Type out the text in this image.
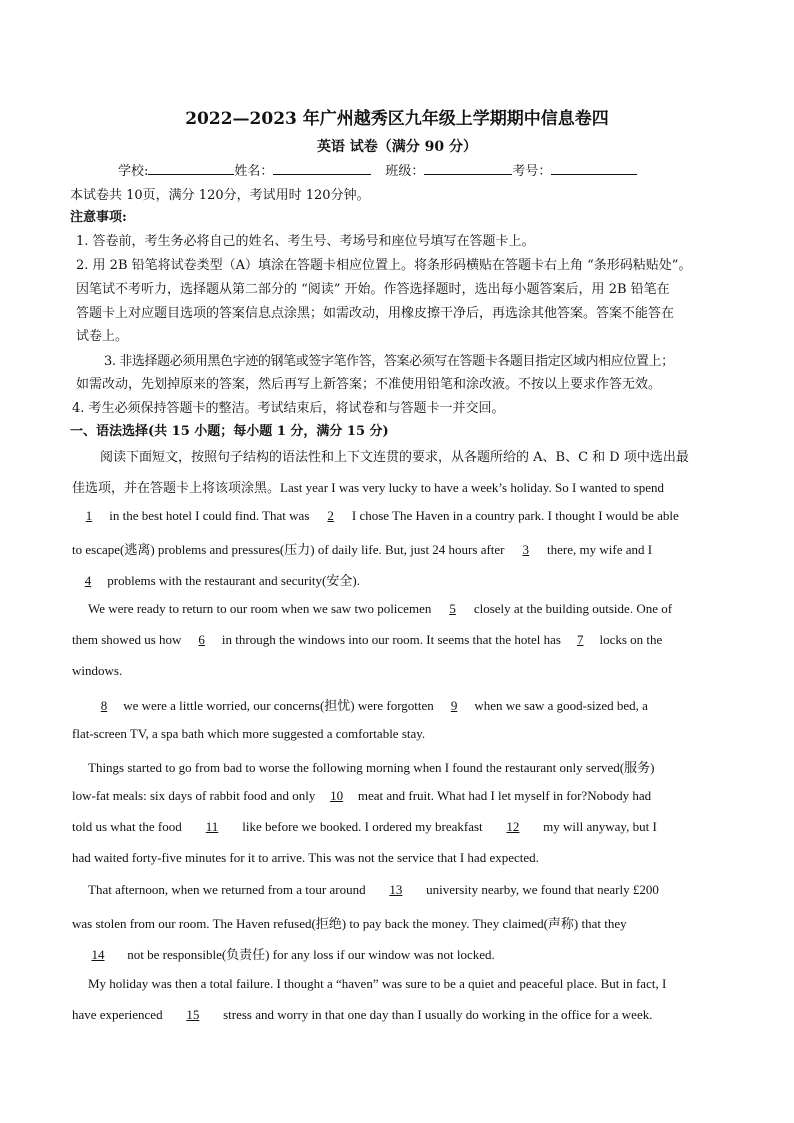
2022—2023 年广州越秀区九年级上学期期中信息卷四
英语 试卷（满分 90 分）
学校:	姓名：	班级：	考号：
本试卷共 10页，满分 120分，考试用时 120分钟。
注意事项:
1. 答卷前，考生务必将自己的姓名、考生号、考场号和座位号填写在答题卡上。
2. 用 2B 铅笔将试卷类型（A）填涂在答题卡相应位置上。将条形码横贴在答题卡右上角 “条形码粘贴处”。
因笔试不考听力，选择题从第二部分的 “阅读” 开始。作答选择题时，选出每小题答案后，用 2B 铅笔在
答题卡上对应题目选项的答案信息点涂黑；如需改动，用橡皮擦干净后，再选涂其他答案。答案不能答在
试卷上。
3. 非选择题必须用黑色字迹的钢笔或签字笔作答，答案必须写在答题卡各题目指定区域内相应位置上；
如需改动，先划掉原来的答案，然后再写上新答案；不准使用铅笔和涂改液。不按以上要求作答无效。
4. 考生必须保持答题卡的整洁。考试结束后，将试卷和与答题卡一并交回。
一、语法选择(共 15 小题；每小题 1 分，满分 15 分)
阅读下面短文，按照句子结构的语法性和上下文连贯的要求，从各题所给的 A、B、C 和 D 项中选出最
佳选项，并在答题卡上将该项涂黑。Last year I was very lucky to have a week’s holiday. So I wanted to spend
1 in the best hotel I could find. That was 2 I chose The Haven in a country park. I thought I would be able
to escape(逃离) problems and pressures(压力) of daily life. But, just 24 hours after 3 there, my wife and I
4 problems with the restaurant and security(安全).
We were ready to return to our room when we saw two policemen 5 closely at the building outside. One of
them showed us how 6 in through the windows into our room. It seems that the hotel has 7 locks on the
windows.
8 we were a little worried, our concerns(担忧) were forgotten 9 when we saw a good-sized bed, a
flat-screen TV, a spa bath which more suggested a comfortable stay.
Things started to go from bad to worse the following morning when I found the restaurant only served(服务)
low-fat meals: six days of rabbit food and only 10 meat and fruit. What had I let myself in for?Nobody had
told us what the food 11 like before we booked. I ordered my breakfast 12 my will anyway, but I
had waited forty-five minutes for it to arrive. This was not the service that I had expected.
That afternoon, when we returned from a tour around 13 university nearby, we found that nearly £200
was stolen from our room. The Haven refused(拒绝) to pay back the money. They claimed(声称) that they
14 not be responsible(负责任) for any loss if our window was not locked.
My holiday was then a total failure. I thought a “haven” was sure to be a quiet and peaceful place. But in fact, I
have experienced 15 stress and worry in that one day than I usually do working in the office for a week.
